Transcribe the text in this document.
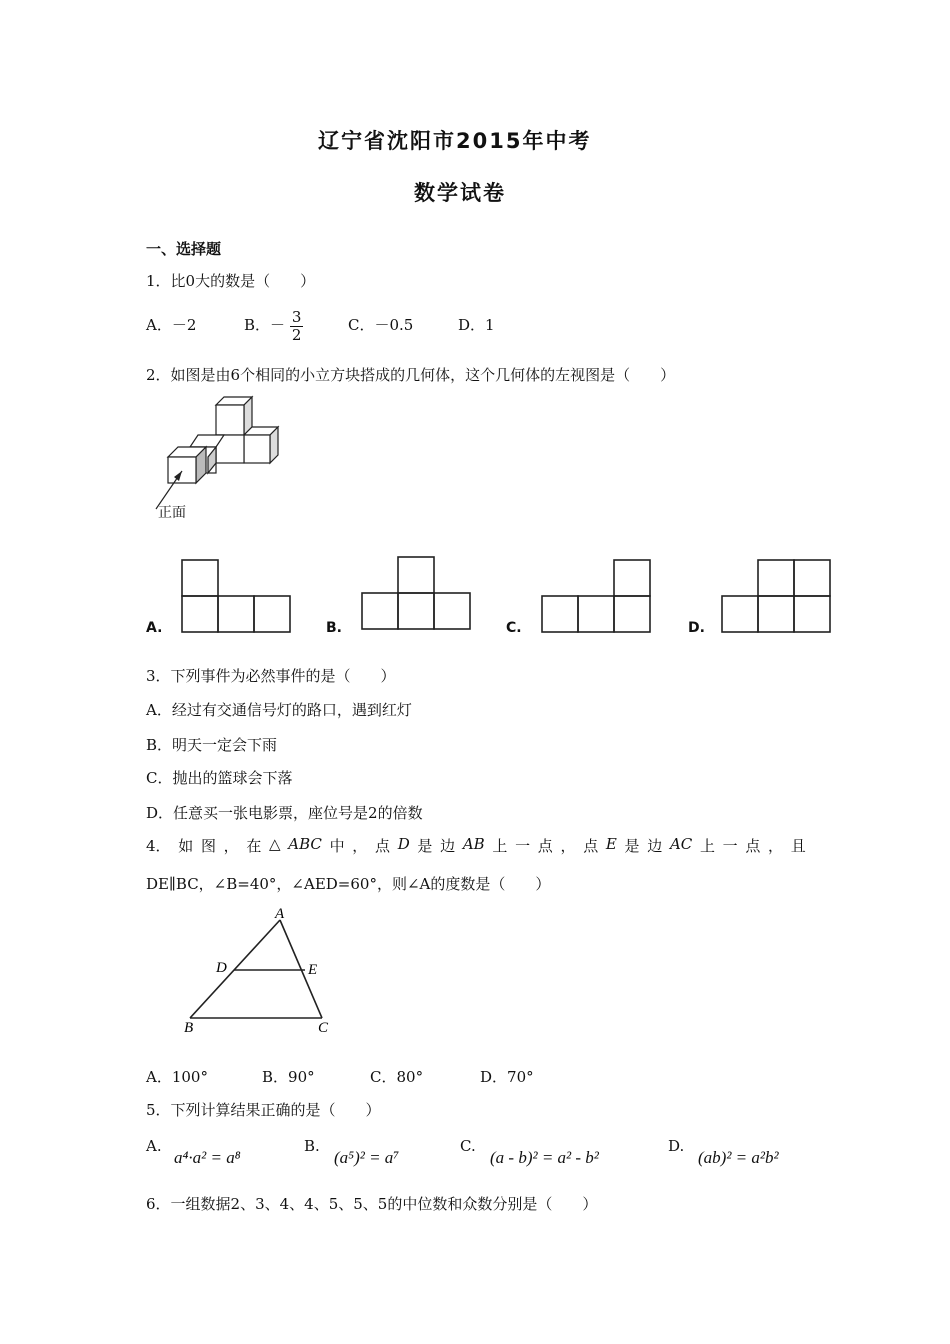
辽宁省沈阳市2015年中考
数学试卷
一、选择题
1．比0大的数是（　　）
A．－2	B．－ $\frac{3}{2}$	C．－0.5	D．1
2．如图是由6个相同的小立方块搭成的几何体，这个几何体的左视图是（　　）
正面
A.	B.	C.	D.
3．下列事件为必然事件的是（　　）
A．经过有交通信号灯的路口，遇到红灯
B．明天一定会下雨
C．抛出的篮球会下落
D．任意买一张电影票，座位号是2的倍数
4． 如 图 ， 在 △ ABC 中 ， 点 D 是 边 AB 上 一 点 ， 点 E 是 边 AC 上 一 点 ， 且
DE∥BC，∠B=40°，∠AED=60°，则∠A的度数是（　　）
A
D	E
B	C
A．100°	B．90°	C．80°	D．70°
5．下列计算结果正确的是（　　）
A.
a⁴·a² = a⁸
B.
(a⁵)² = a⁷
C.
(a - b)² = a² - b²
D.
(ab)² = a²b²
6．一组数据2、3、4、4、5、5、5的中位数和众数分别是（　　）
